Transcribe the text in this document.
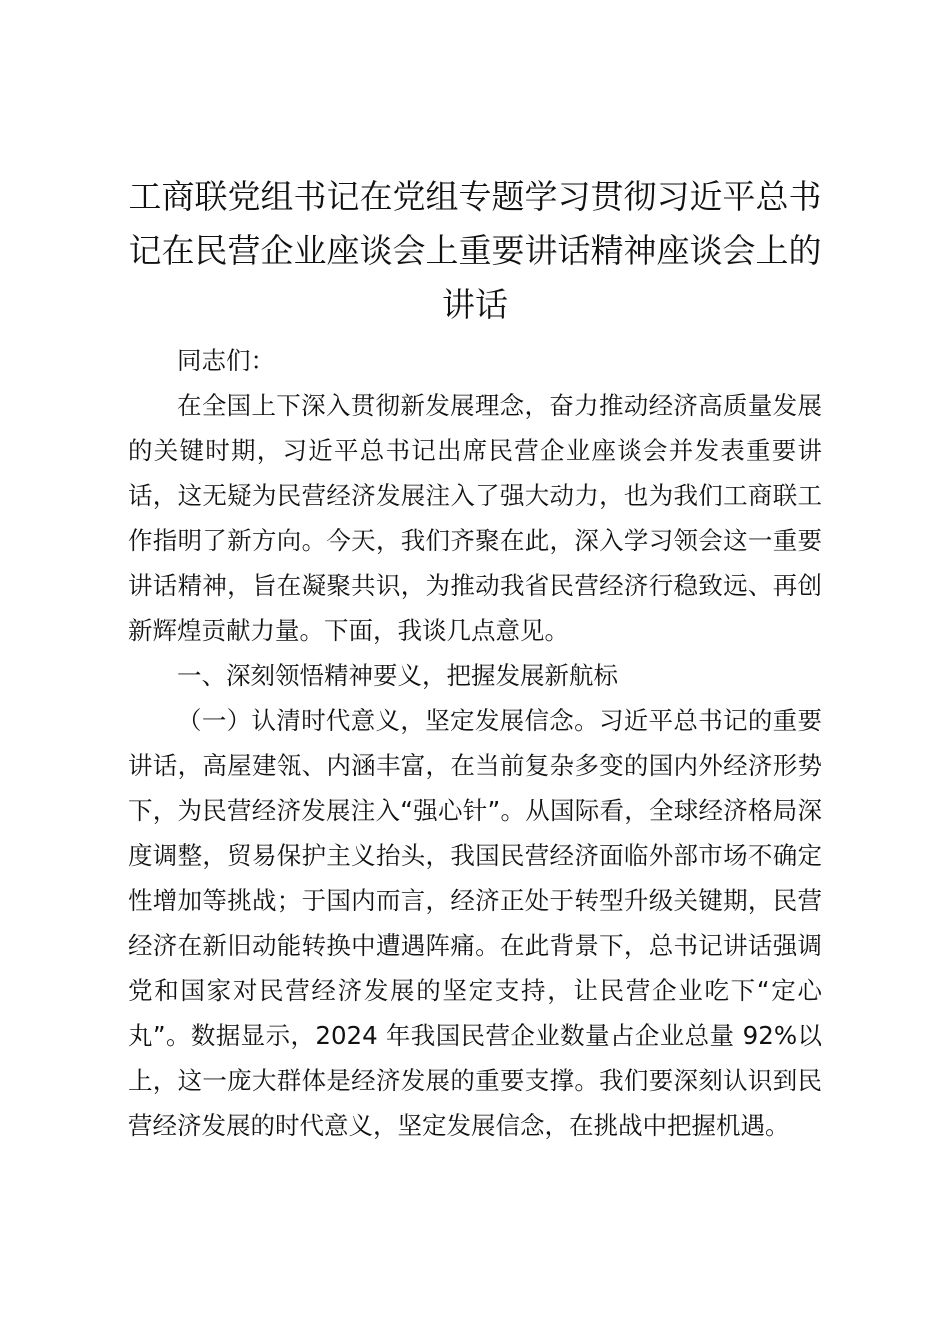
工商联党组书记在党组专题学习贯彻习近平总书记在民营企业座谈会上重要讲话精神座谈会上的讲话

同志们：

在全国上下深入贯彻新发展理念，奋力推动经济高质量发展的关键时期，习近平总书记出席民营企业座谈会并发表重要讲话，这无疑为民营经济发展注入了强大动力，也为我们工商联工作指明了新方向。今天，我们齐聚在此，深入学习领会这一重要讲话精神，旨在凝聚共识，为推动我省民营经济行稳致远、再创新辉煌贡献力量。下面，我谈几点意见。

一、深刻领悟精神要义，把握发展新航标

（一）认清时代意义，坚定发展信念。习近平总书记的重要讲话，高屋建瓴、内涵丰富，在当前复杂多变的国内外经济形势下，为民营经济发展注入“强心针”。从国际看，全球经济格局深度调整，贸易保护主义抬头，我国民营经济面临外部市场不确定性增加等挑战；于国内而言，经济正处于转型升级关键期，民营经济在新旧动能转换中遭遇阵痛。在此背景下，总书记讲话强调党和国家对民营经济发展的坚定支持，让民营企业吃下“定心丸”。数据显示，2024 年我国民营企业数量占企业总量 92%以上，这一庞大群体是经济发展的重要支撑。我们要深刻认识到民营经济发展的时代意义，坚定发展信念，在挑战中把握机遇。
